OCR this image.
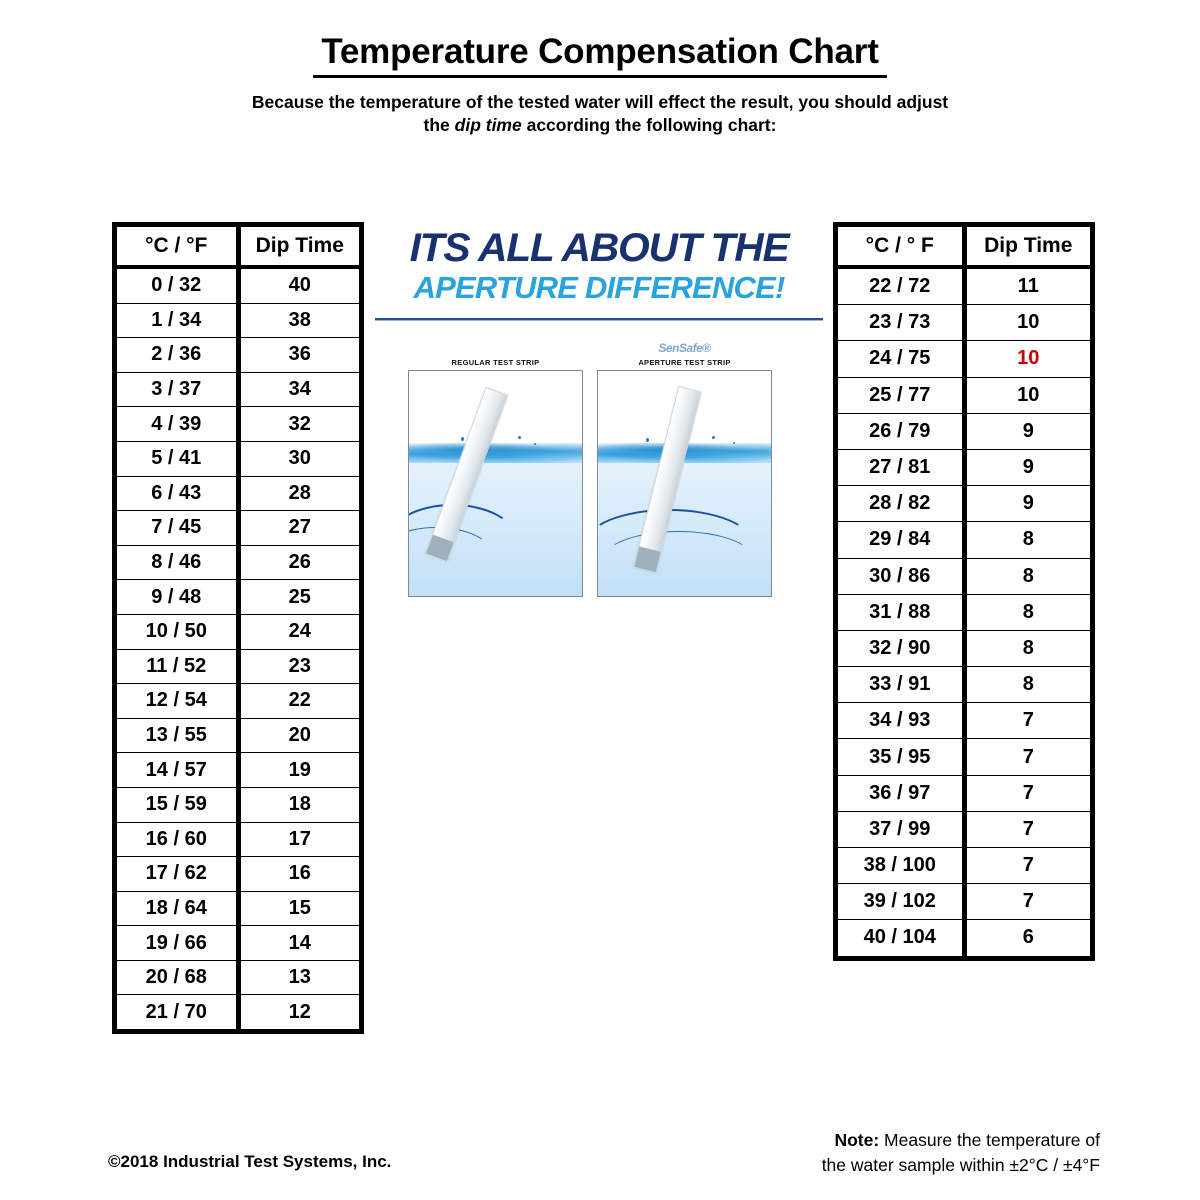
Temperature Compensation Chart
Because the temperature of the tested water will effect the result, you should adjust the dip time according the following chart:
°C / °F	Dip Time
0 / 32	40
1 / 34	38
2 / 36	36
3 / 37	34
4 / 39	32
5 / 41	30
6 / 43	28
7 / 45	27
8 / 46	26
9 / 48	25
10 / 50	24
11 / 52	23
12 / 54	22
13 / 55	20
14 / 57	19
15 / 59	18
16 / 60	17
17 / 62	16
18 / 64	15
19 / 66	14
20 / 68	13
21 / 70	12
°C / ° F	Dip Time
22 / 72	11
23 / 73	10
24 / 75	10
25 / 77	10
26 / 79	9
27 / 81	9
28 / 82	9
29 / 84	8
30 / 86	8
31 / 88	8
32 / 90	8
33 / 91	8
34 / 93	7
35 / 95	7
36 / 97	7
37 / 99	7
38 / 100	7
39 / 102	7
40 / 104	6
ITS ALL ABOUT THE
APERTURE DIFFERENCE!
REGULAR TEST STRIP
SenSafe®
APERTURE TEST STRIP
©2018 Industrial Test Systems, Inc.
Note: Measure the temperature of
the water sample within ±2°C / ±4°F
